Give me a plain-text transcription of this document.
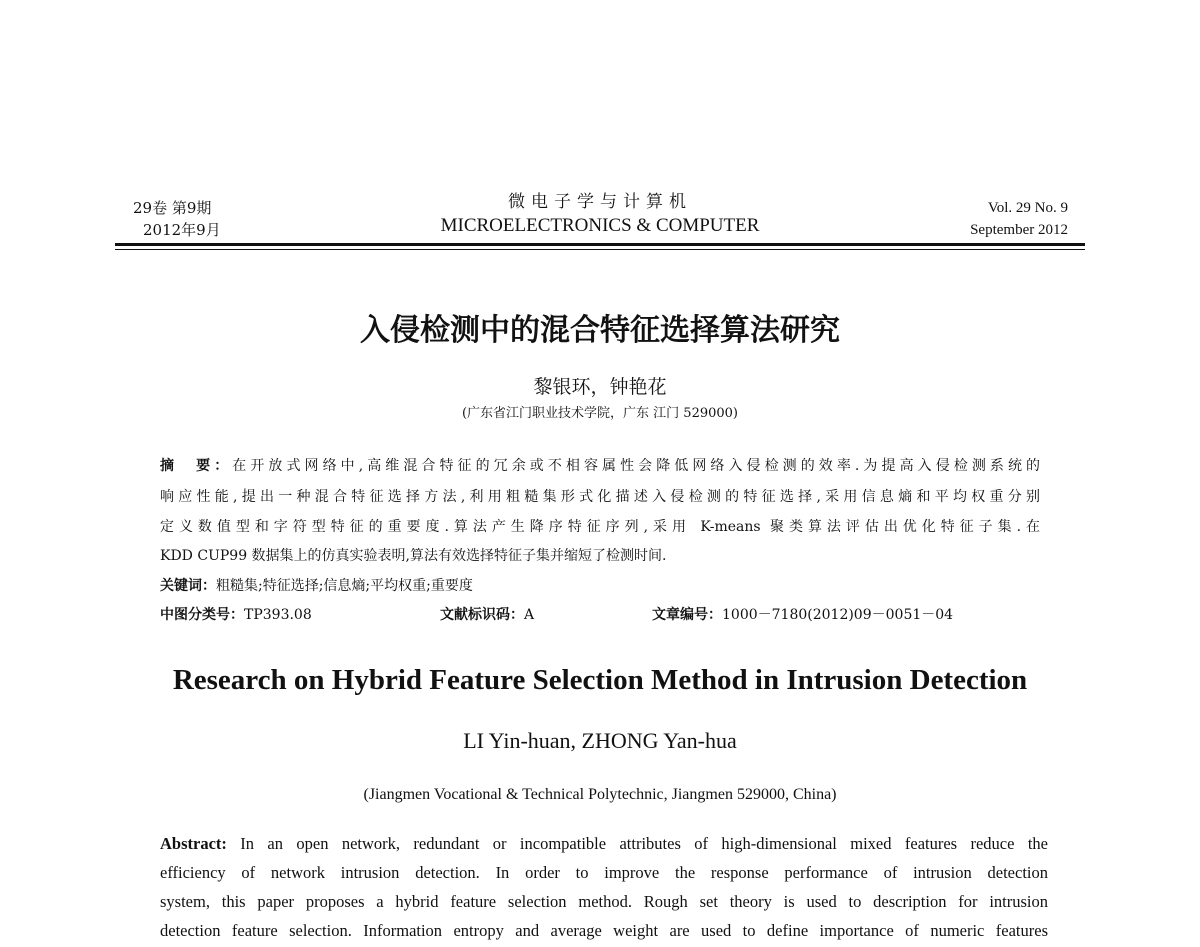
29卷 第9期
2012年9月
微电子学与计算机
MICROELECTRONICS & COMPUTER
Vol. 29 No. 9
September 2012
入侵检测中的混合特征选择算法研究
黎银环，钟艳花
(广东省江门职业技术学院，广东 江门 529000)
摘　要：在开放式网络中,高维混合特征的冗余或不相容属性会降低网络入侵检测的效率.为提高入侵检测系统的
响应性能,提出一种混合特征选择方法,利用粗糙集形式化描述入侵检测的特征选择,采用信息熵和平均权重分别
定义数值型和字符型特征的重要度.算法产生降序特征序列,采用 K-means 聚类算法评估出优化特征子集.在
KDD CUP99 数据集上的仿真实验表明,算法有效选择特征子集并缩短了检测时间.
关键词：粗糙集;特征选择;信息熵;平均权重;重要度
中图分类号：TP393.08	文献标识码：A	文章编号：1000－7180(2012)09－0051－04
Research on Hybrid Feature Selection Method in Intrusion Detection
LI Yin-huan, ZHONG Yan-hua
(Jiangmen Vocational & Technical Polytechnic, Jiangmen 529000, China)
Abstract: In an open network, redundant or incompatible attributes of high-dimensional mixed features reduce the
efficiency of network intrusion detection. In order to improve the response performance of intrusion detection
system, this paper proposes a hybrid feature selection method. Rough set theory is used to description for intrusion
detection feature selection. Information entropy and average weight are used to define importance of numeric features
